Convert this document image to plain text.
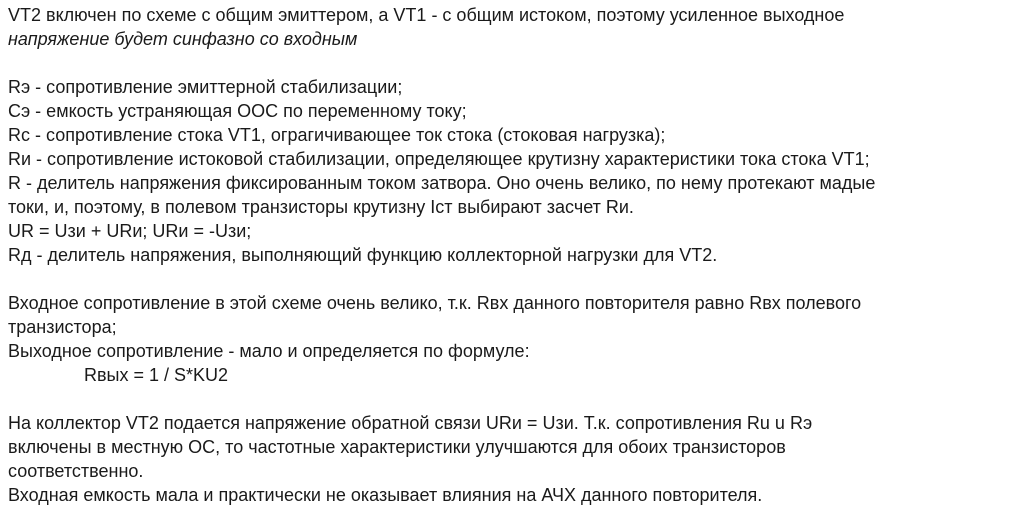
VT2 включен по схеме с общим эмиттером, а VT1 - с общим истоком, поэтому усиленное выходное
напряжение будет синфазно со входным
Rэ - сопротивление эмиттерной стабилизации;
Сэ - емкость устраняющая ООС по переменному току;
Rс - сопротивление стока VT1, ограгичивающее ток стока (стоковая нагрузка);
Rи - сопротивление истоковой стабилизации, определяющее крутизну характеристики тока стока VT1;
R - делитель напряжения фиксированным током затвора. Оно очень велико, по нему протекают мадые
токи, и, поэтому, в полевом транзисторы крутизну Iст выбирают засчет Rи.
UR = Uзи + URи; URи = -Uзи;
Rд - делитель напряжения, выполняющий функцию коллекторной нагрузки для VT2.
Входное сопротивление в этой схеме очень велико, т.к. Rвх данного повторителя равно Rвх полевого
транзистора;
Выходное сопротивление - мало и определяется по формуле:
Rвых = 1 / S*KU2
На коллектор VT2 подается напряжение обратной связи URи = Uзи. Т.к. сопротивления Ru u Rэ
включены в местную ОС, то частотные характеристики улучшаются для обоих транзисторов
соответственно.
Входная емкость мала и практически не оказывает влияния на АЧХ данного повторителя.
